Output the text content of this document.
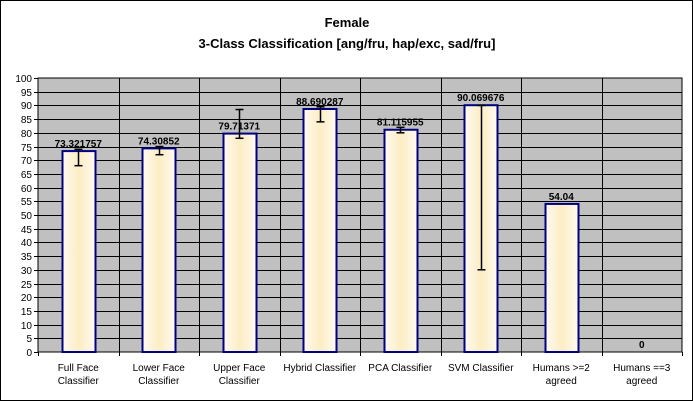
Female
3-Class Classification [ang/fru, hap/exc, sad/fru]
0
5
10
15
20
25
30
35
40
45
50
55
60
65
70
75
80
85
90
95
100
73.321757
Full Face
Classifier
74.30852
Lower Face
Classifier
79.71371
Upper Face
Classifier
88.690287
Hybrid Classifier
81.115955
PCA Classifier
90.069676
SVM Classifier
54.04
Humans >=2
agreed
0
Humans ==3
agreed
